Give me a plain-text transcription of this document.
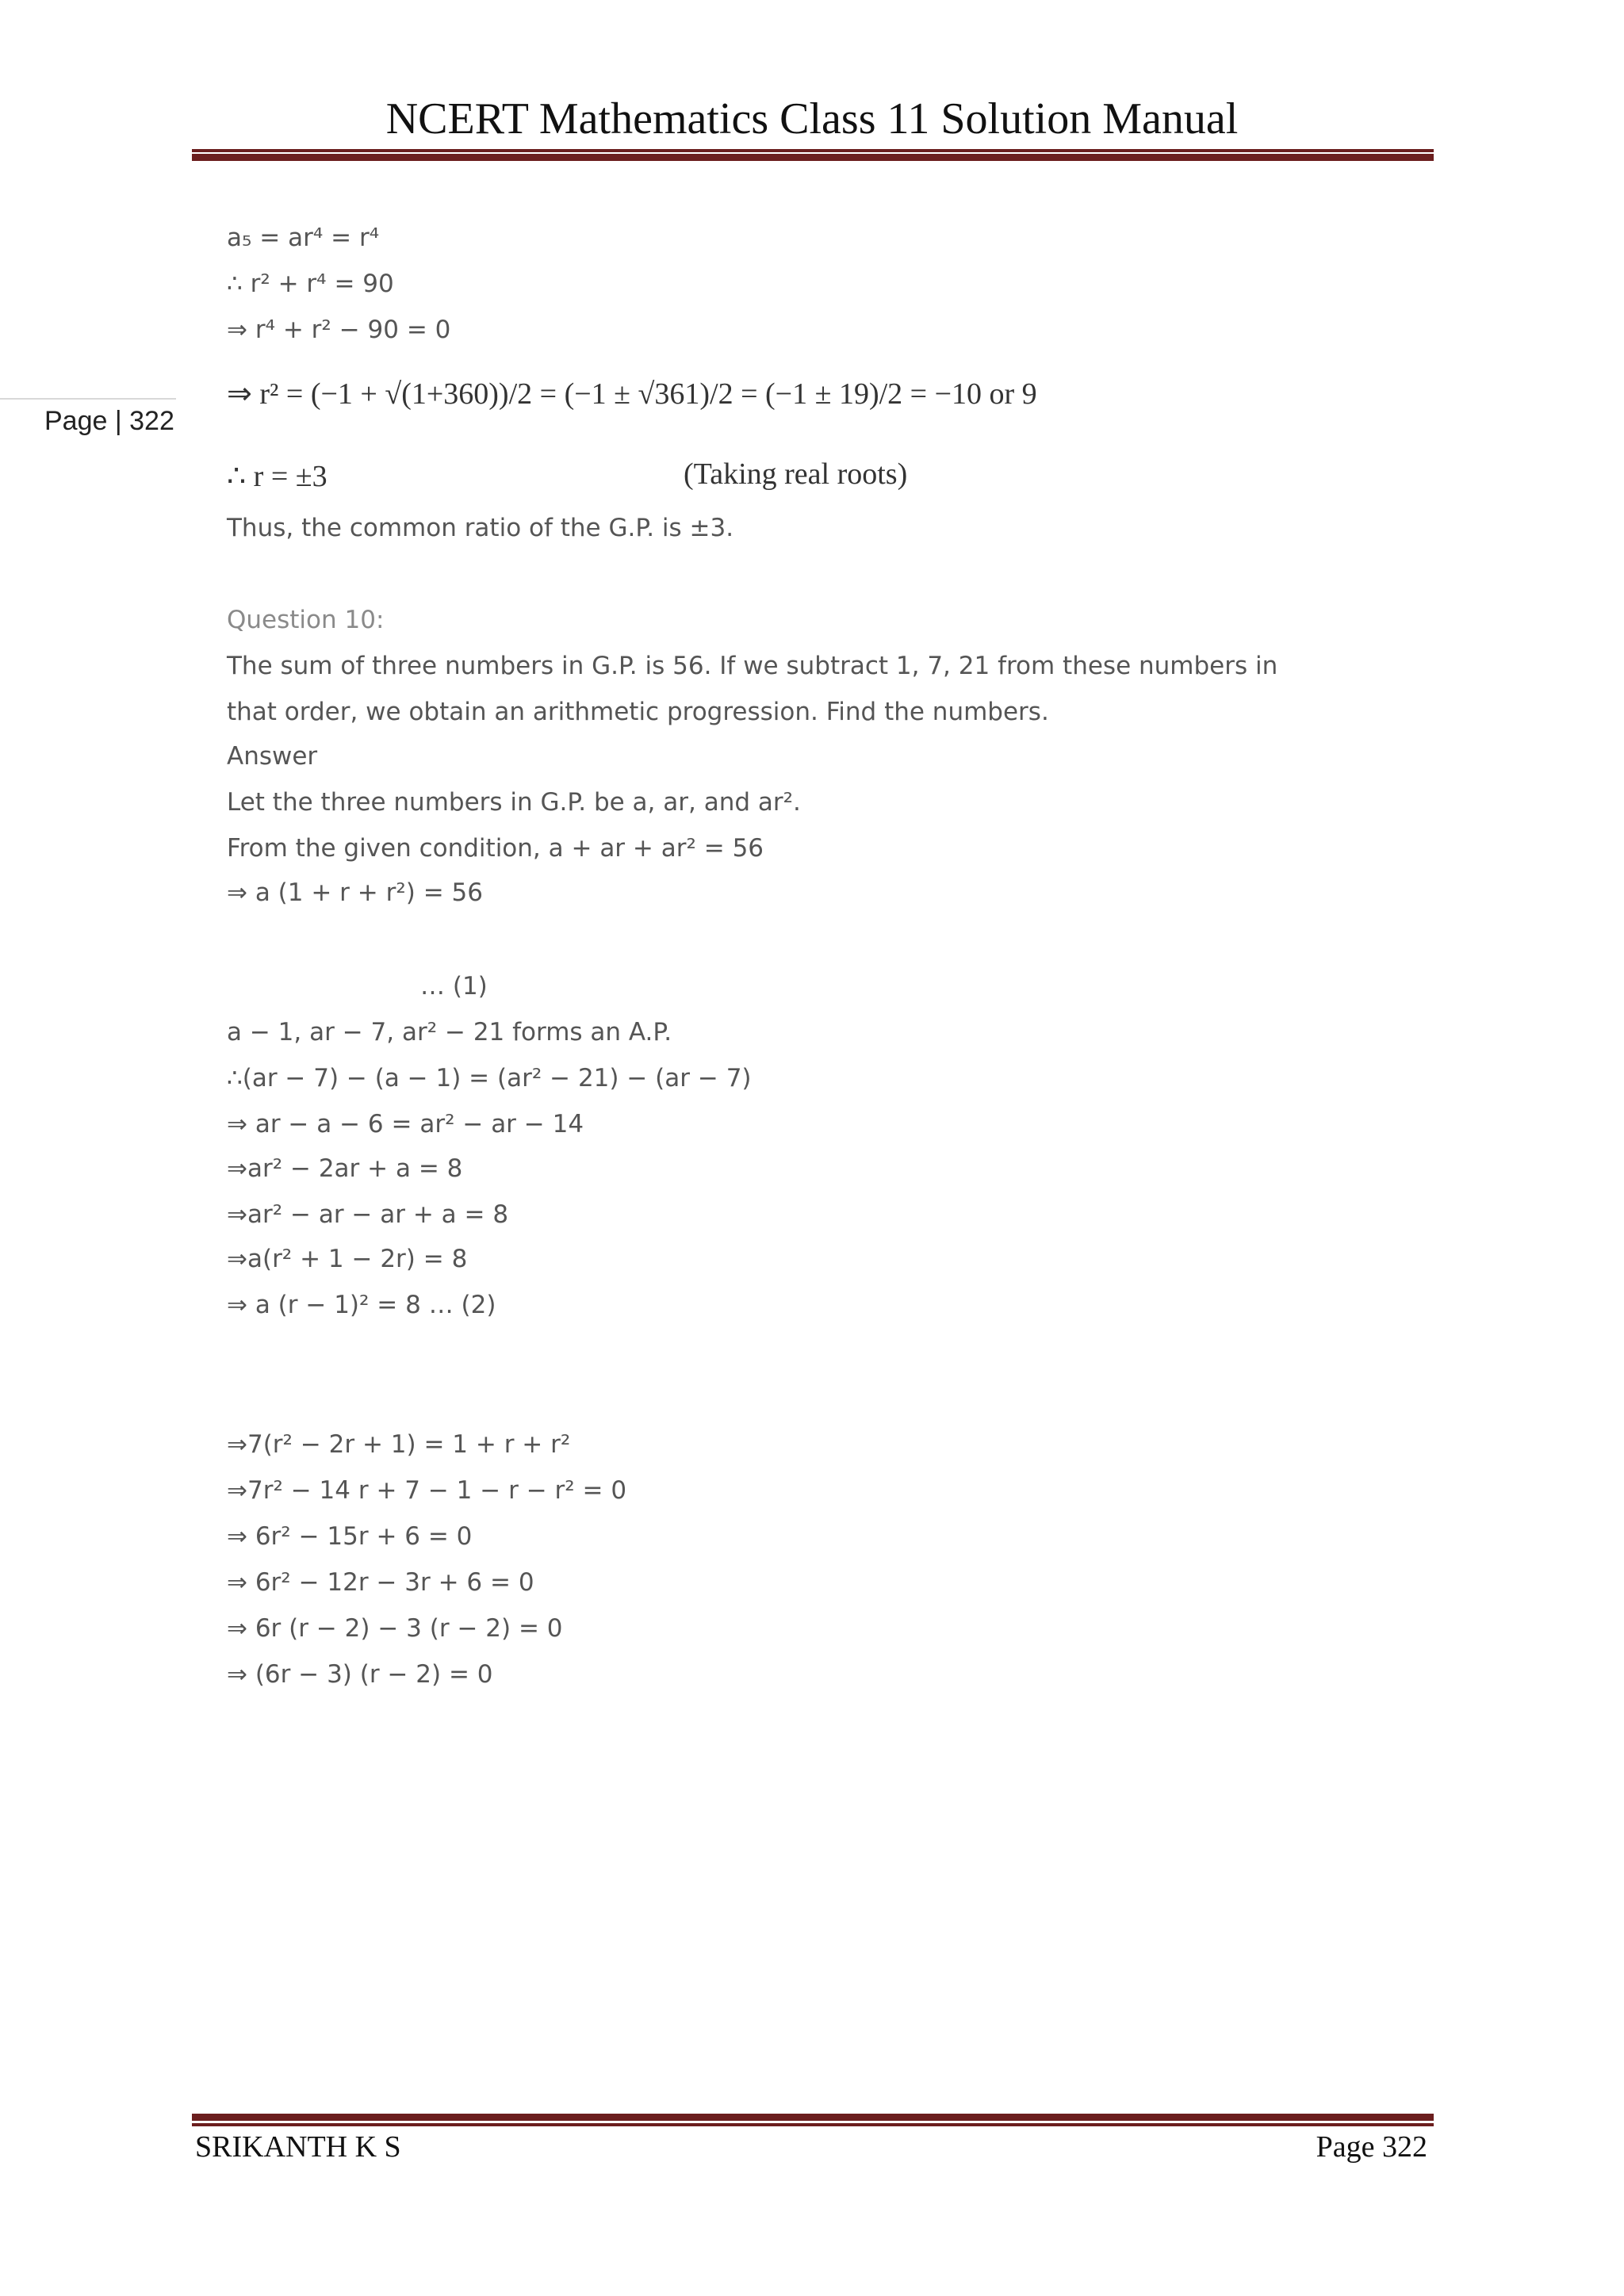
NCERT Mathematics Class 11 Solution Manual
Page | 322
a₅ = ar⁴ = r⁴
∴ r² + r⁴ = 90
⇒ r⁴ + r² − 90 = 0
⇒ r² = (−1 + √(1+360))/2 = (−1 ± √361)/2 = (−1 ± 19)/2 = −10 or 9
∴ r = ±3	(Taking real roots)
Thus, the common ratio of the G.P. is ±3.
Question 10:
The sum of three numbers in G.P. is 56. If we subtract 1, 7, 21 from these numbers in
that order, we obtain an arithmetic progression. Find the numbers.
Answer
Let the three numbers in G.P. be a, ar, and ar².
From the given condition, a + ar + ar² = 56
⇒ a (1 + r + r²) = 56
… (1)
a − 1, ar − 7, ar² − 21 forms an A.P.
∴(ar − 7) − (a − 1) = (ar² − 21) − (ar − 7)
⇒ ar − a − 6 = ar² − ar − 14
⇒ar² − 2ar + a = 8
⇒ar² − ar − ar + a = 8
⇒a(r² + 1 − 2r) = 8
⇒ a (r − 1)² = 8 … (2)
⇒7(r² − 2r + 1) = 1 + r + r²
⇒7r² − 14 r + 7 − 1 − r − r² = 0
⇒ 6r² − 15r + 6 = 0
⇒ 6r² − 12r − 3r + 6 = 0
⇒ 6r (r − 2) − 3 (r − 2) = 0
⇒ (6r − 3) (r − 2) = 0
SRIKANTH K S	Page 322
